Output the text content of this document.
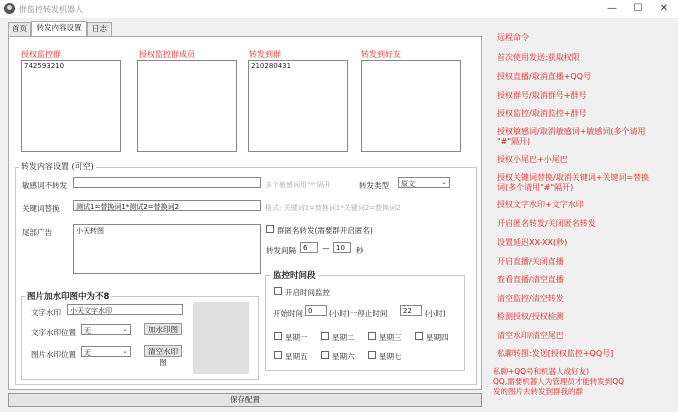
群监控转发机器人	—	☐	✕
首页	转发内容设置	日志
授权监控群	授权监控群成员	转发到群	转发到好友
742593210	210280431
转发内容设置 (可空)
敏感词不转发	多个敏感词用"*"隔开	转发类型	原文	⌄
关键词替换	测试1=替换词1*测试2=替换词2	格式: 关键词1=替换词1*关键词2=替换词2
尾部广告	小天转图	群匿名转发(需要群开启匿名)
转发间隔	6	— 10	秒
图片加水印图中为不8
文字水印	小天文字水印
文字水印位置	无	⌄	加水印图
图片水印位置	无	⌄	清空水印图
监控时间段
开启时间监控
开始时间 0	(小时)一停止时间	22	(小时)
星期一	星期二	星期三	星期四
星期五	星期六	星期七
保存配置
远程命令
首次使用发送:获取权限
授权直播/取消直播+QQ号
授权群号/取消群号+群号
授权监控/取消监控+群号
授权敏感词/取消敏感词+敏感词(多个请用
"#"隔开)
授权小尾巴+小尾巴
授权关键词替换/取消关键词+关键词=替换
词(多个请用"#"隔开)
授权文字水印+文字水印
开启匿名转发/关闭匿名转发
设置延迟XX-XX(秒)
开启直播/关闭直播
查看直播/清空直播
清空监控/清空转发
检测授权/授权检测
清空水印/清空尾巴
私聊转图:发送[授权监控+QQ号]
私聊+QQ号和机器人成好友)
QQ,需要机器人为管理员才能转发到QQ
发的图片去转发到群我的群
